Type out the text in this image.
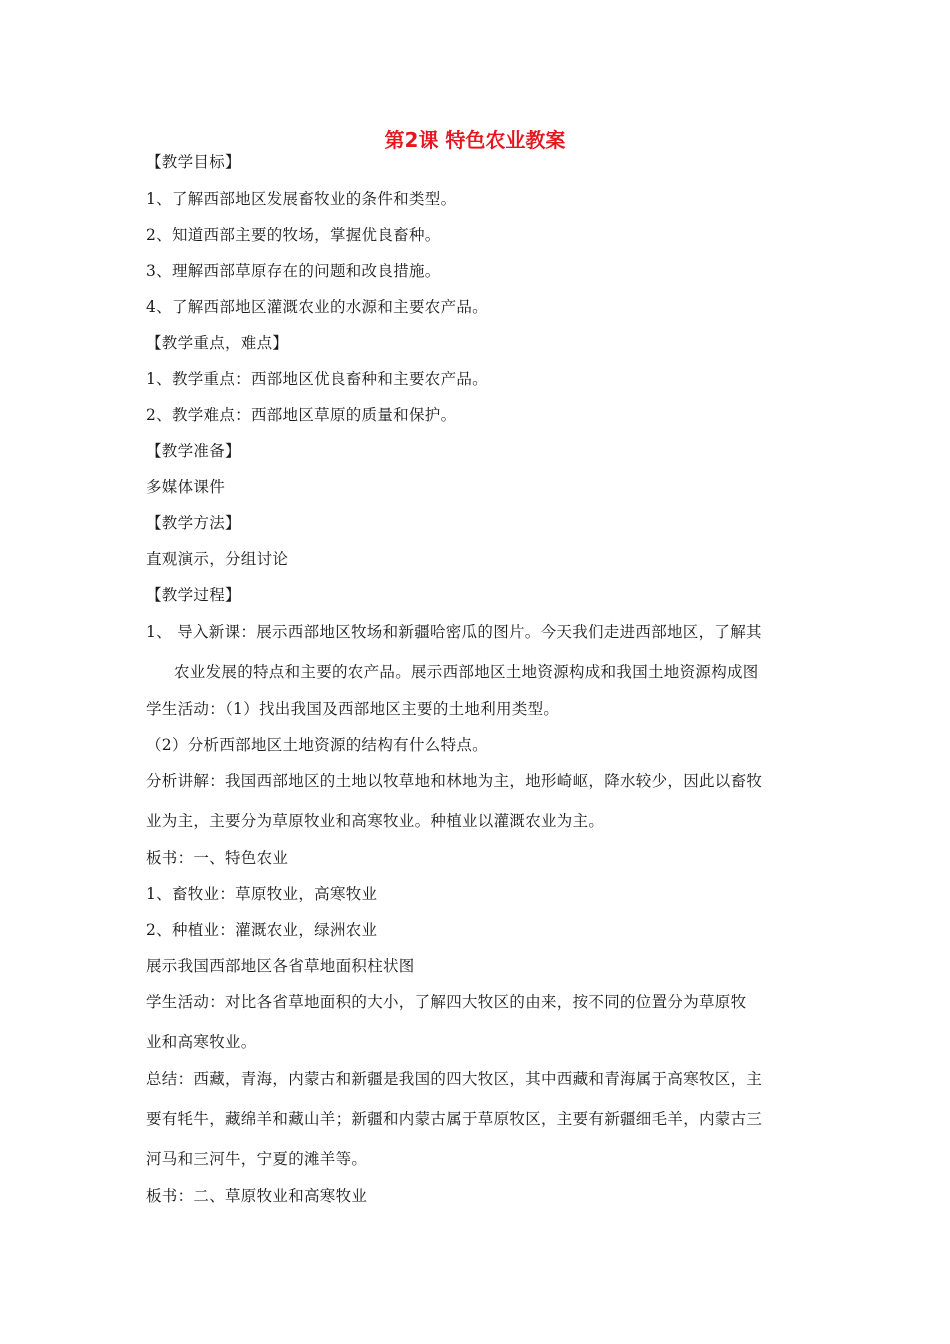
第2课 特色农业教案
【教学目标】
1、了解西部地区发展畜牧业的条件和类型。
2、知道西部主要的牧场，掌握优良畜种。
3、理解西部草原存在的问题和改良措施。
4、了解西部地区灌溉农业的水源和主要农产品。
【教学重点，难点】
1、教学重点：西部地区优良畜种和主要农产品。
2、教学难点：西部地区草原的质量和保护。
【教学准备】
多媒体课件
【教学方法】
直观演示，分组讨论
【教学过程】
1、 导入新课：展示西部地区牧场和新疆哈密瓜的图片。今天我们走进西部地区，了解其
农业发展的特点和主要的农产品。展示西部地区土地资源构成和我国土地资源构成图
学生活动：（1）找出我国及西部地区主要的土地利用类型。
（2）分析西部地区土地资源的结构有什么特点。
分析讲解：我国西部地区的土地以牧草地和林地为主，地形崎岖，降水较少，因此以畜牧
业为主，主要分为草原牧业和高寒牧业。种植业以灌溉农业为主。
板书：一、特色农业
1、畜牧业：草原牧业，高寒牧业
2、种植业：灌溉农业，绿洲农业
展示我国西部地区各省草地面积柱状图
学生活动：对比各省草地面积的大小，了解四大牧区的由来，按不同的位置分为草原牧
业和高寒牧业。
总结：西藏，青海，内蒙古和新疆是我国的四大牧区，其中西藏和青海属于高寒牧区，主
要有牦牛，藏绵羊和藏山羊；新疆和内蒙古属于草原牧区，主要有新疆细毛羊，内蒙古三
河马和三河牛，宁夏的滩羊等。
板书：二、草原牧业和高寒牧业
